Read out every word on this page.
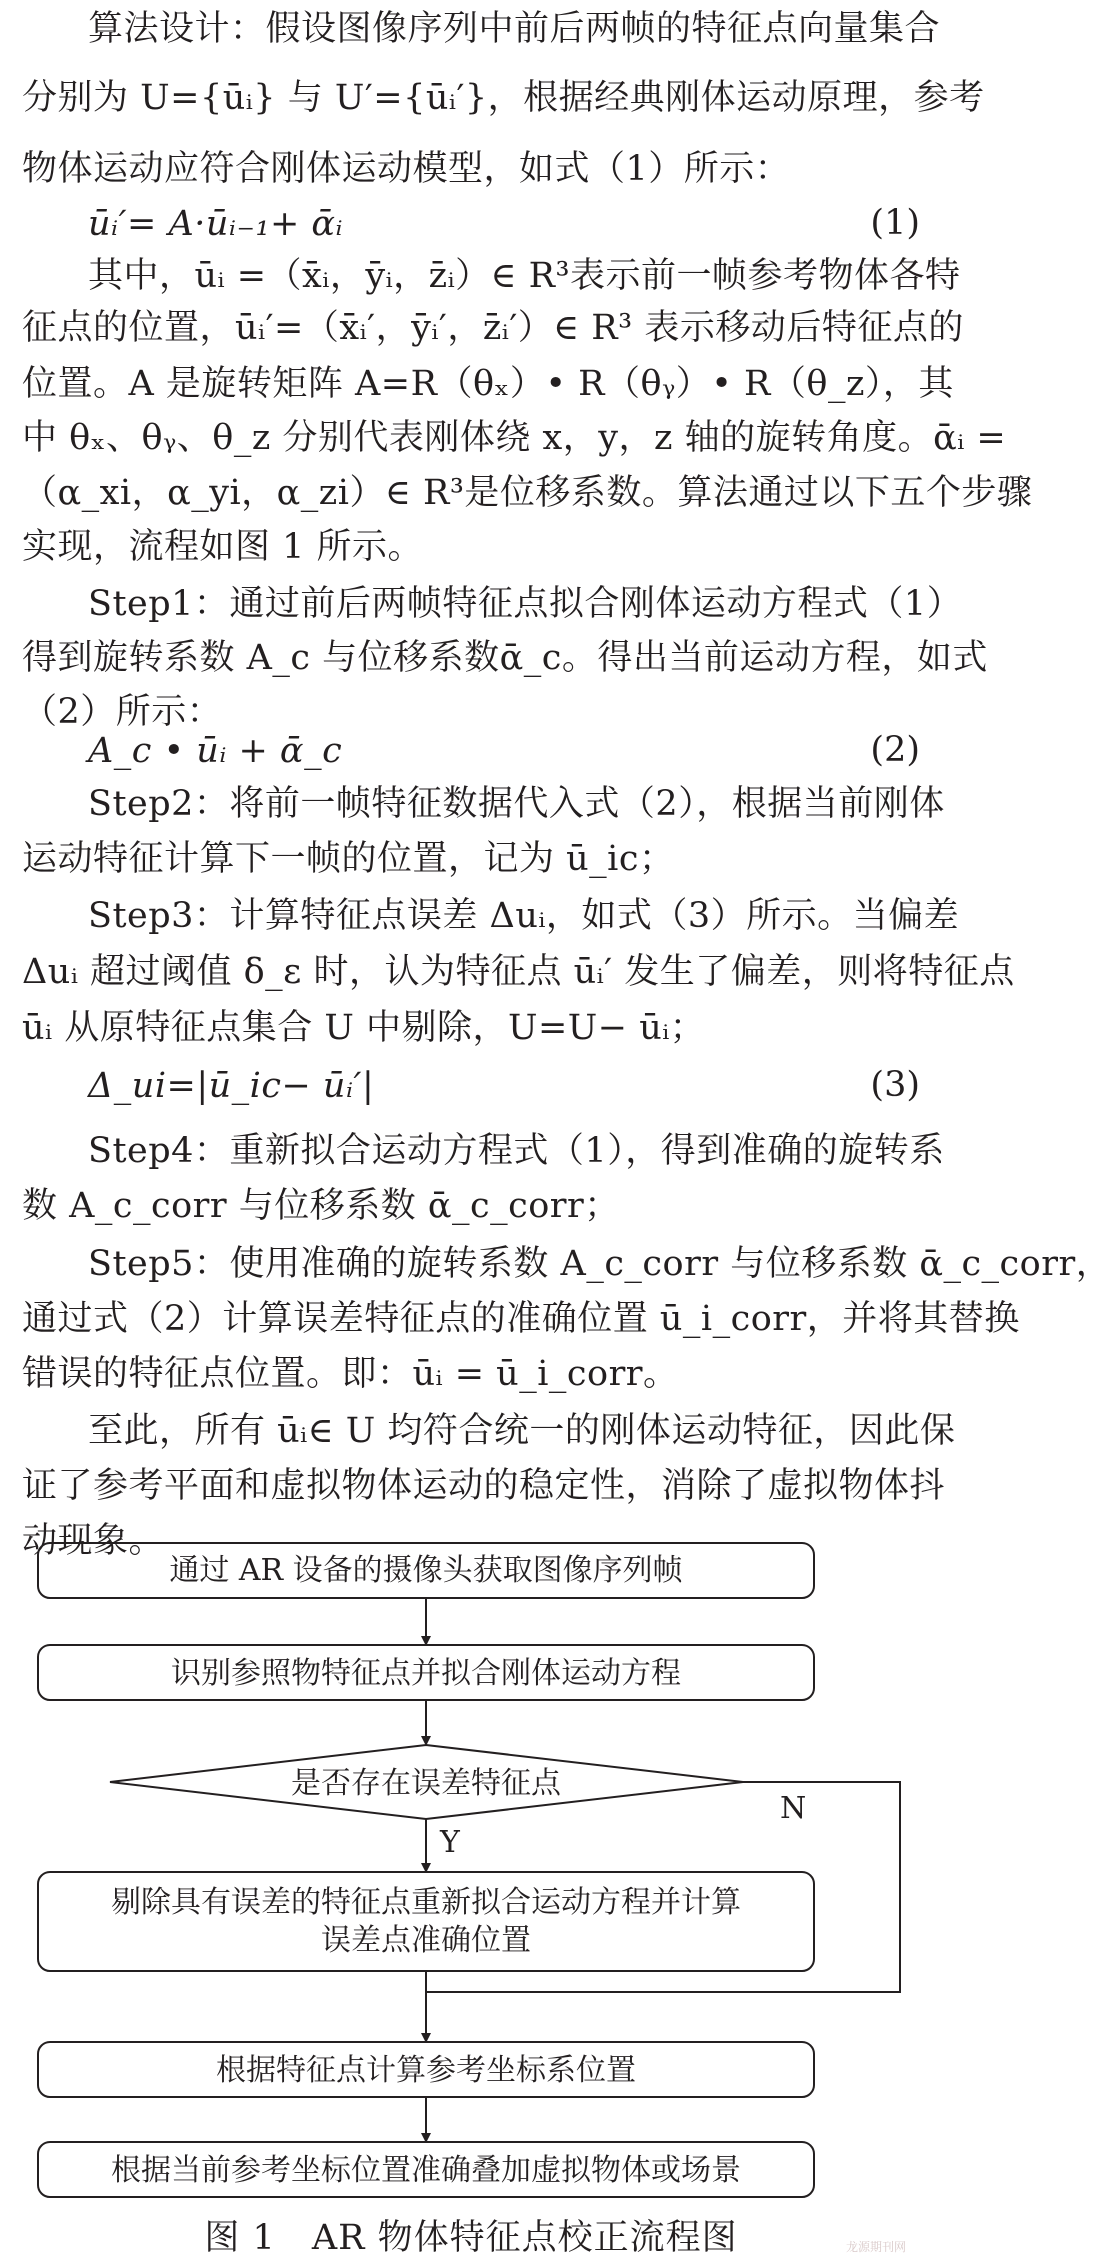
算法设计：假设图像序列中前后两帧的特征点向量集合
分别为 U={ūᵢ} 与 U′={ūᵢ′}，根据经典刚体运动原理，参考
物体运动应符合刚体运动模型，如式（1）所示：
ūᵢ′= A·ūᵢ₋₁+ ᾱᵢ	(1)
其中，ūᵢ =（x̄ᵢ，ȳᵢ，z̄ᵢ）∈ R³表示前一帧参考物体各特
征点的位置，ūᵢ′=（x̄ᵢ′，ȳᵢ′，z̄ᵢ′）∈ R³ 表示移动后特征点的
位置。A 是旋转矩阵 A=R（θₓ）• R（θᵧ）• R（θ_z），其
中 θₓ、θᵧ、θ_z 分别代表刚体绕 x，y，z 轴的旋转角度。ᾱᵢ =
（α_xi，α_yi，α_zi）∈ R³是位移系数。算法通过以下五个步骤
实现，流程如图 1 所示。
Step1：通过前后两帧特征点拟合刚体运动方程式（1）
得到旋转系数 A_c 与位移系数ᾱ_c。得出当前运动方程，如式
（2）所示：
A_c • ūᵢ + ᾱ_c	(2)
Step2：将前一帧特征数据代入式（2），根据当前刚体
运动特征计算下一帧的位置，记为 ū_ic；
Step3：计算特征点误差 Δuᵢ，如式（3）所示。当偏差
Δuᵢ 超过阈值 δ_ε 时，认为特征点 ūᵢ′ 发生了偏差，则将特征点
ūᵢ 从原特征点集合 U 中剔除，U=U− ūᵢ；
Δ_ui=|ū_ic− ūᵢ′|	(3)
Step4：重新拟合运动方程式（1），得到准确的旋转系
数 A_c_corr 与位移系数 ᾱ_c_corr；
Step5：使用准确的旋转系数 A_c_corr 与位移系数 ᾱ_c_corr，
通过式（2）计算误差特征点的准确位置 ū_i_corr，并将其替换
错误的特征点位置。即：ūᵢ = ū_i_corr。
至此，所有 ūᵢ∈ U 均符合统一的刚体运动特征，因此保
证了参考平面和虚拟物体运动的稳定性，消除了虚拟物体抖
动现象。
通过 AR 设备的摄像头获取图像序列帧
识别参照物特征点并拟合刚体运动方程
是否存在误差特征点
N
Y
剔除具有误差的特征点重新拟合运动方程并计算
误差点准确位置
根据特征点计算参考坐标系位置
根据当前参考坐标位置准确叠加虚拟物体或场景
图 1　AR 物体特征点校正流程图	龙源期刊网
